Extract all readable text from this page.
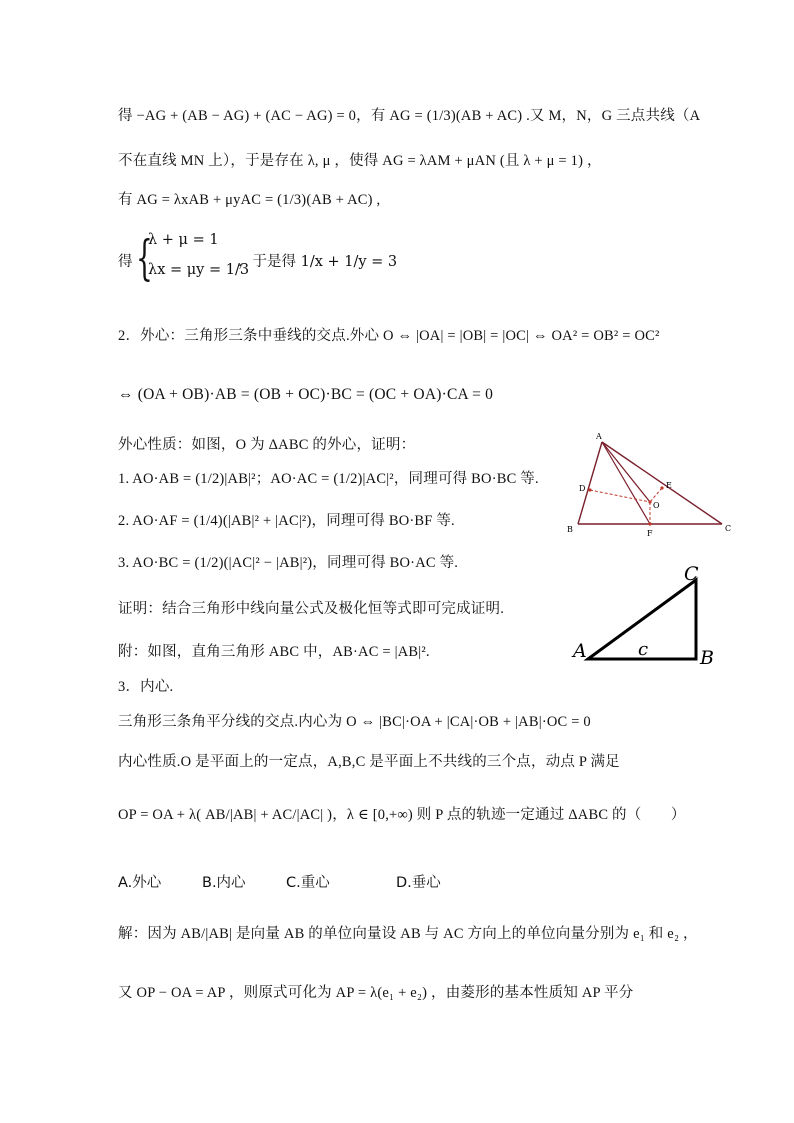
得 −AG + (AB − AG) + (AC − AG) = 0，有 AG = (1/3)(AB + AC) .又 M，N，G 三点共线（A
不在直线 MN 上），于是存在 λ, μ ，使得 AG = λAM + μAN (且 λ + μ = 1) ，
有 AG = λxAB + μyAC = (1/3)(AB + AC) ,
得 {
λ + μ = 1
λx = μy = 1/3
，于是得 1/x + 1/y = 3
2．外心：三角形三条中垂线的交点.外心 O ⇔ |OA| = |OB| = |OC| ⇔ OA² = OB² = OC²
⇔ (OA + OB)·AB = (OB + OC)·BC = (OC + OA)·CA = 0
外心性质：如图，O 为 ΔABC 的外心，证明：
1. AO·AB = (1/2)|AB|²；AO·AC = (1/2)|AC|²，同理可得 BO·BC 等.
2. AO·AF = (1/4)(|AB|² + |AC|²)，同理可得 BO·BF 等.
3. AO·BC = (1/2)(|AC|² − |AB|²)，同理可得 BO·AC 等.
证明：结合三角形中线向量公式及极化恒等式即可完成证明.
附：如图，直角三角形 ABC 中，AB·AC = |AB|².
3．内心.
三角形三条角平分线的交点.内心为 O ⇔ |BC|·OA + |CA|·OB + |AB|·OC = 0
内心性质.O 是平面上的一定点，A,B,C 是平面上不共线的三个点，动点 P 满足
OP = OA + λ( AB/|AB| + AC/|AC| )，λ ∈ [0,+∞) 则 P 点的轨迹一定通过 ΔABC 的（　　）
A.外心	B.内心	C.重心	D.垂心
解：因为 AB/|AB| 是向量 AB 的单位向量设 AB 与 AC 方向上的单位向量分别为 e₁ 和 e₂ ，
又 OP − OA = AP ，则原式可化为 AP = λ(e₁ + e₂) ，由菱形的基本性质知 AP 平分
A
B	C
D	E
F
O
A	B
C
c
